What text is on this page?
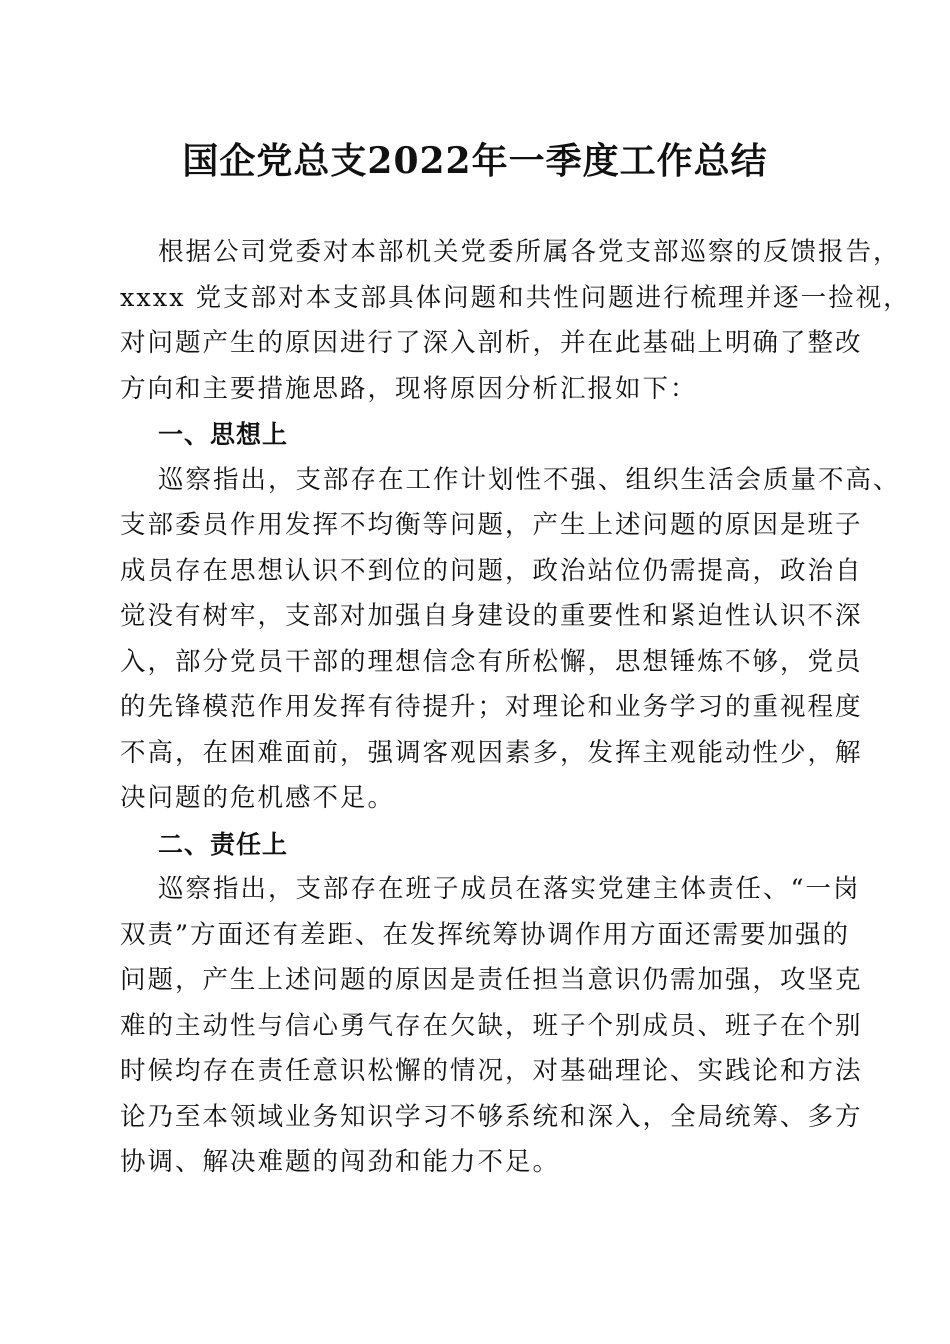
国企党总支2022年一季度工作总结

根据公司党委对本部机关党委所属各党支部巡察的反馈报告，
xxxx 党支部对本支部具体问题和共性问题进行梳理并逐一捡视，
对问题产生的原因进行了深入剖析，并在此基础上明确了整改
方向和主要措施思路，现将原因分析汇报如下：

一、思想上

巡察指出，支部存在工作计划性不强、组织生活会质量不高、
支部委员作用发挥不均衡等问题，产生上述问题的原因是班子
成员存在思想认识不到位的问题，政治站位仍需提高，政治自
觉没有树牢，支部对加强自身建设的重要性和紧迫性认识不深
入，部分党员干部的理想信念有所松懈，思想锤炼不够，党员
的先锋模范作用发挥有待提升；对理论和业务学习的重视程度
不高，在困难面前，强调客观因素多，发挥主观能动性少，解
决问题的危机感不足。

二、责任上

巡察指出，支部存在班子成员在落实党建主体责任、“一岗
双责”方面还有差距、在发挥统筹协调作用方面还需要加强的
问题，产生上述问题的原因是责任担当意识仍需加强，攻坚克
难的主动性与信心勇气存在欠缺，班子个别成员、班子在个别
时候均存在责任意识松懈的情况，对基础理论、实践论和方法
论乃至本领域业务知识学习不够系统和深入，全局统筹、多方
协调、解决难题的闯劲和能力不足。
